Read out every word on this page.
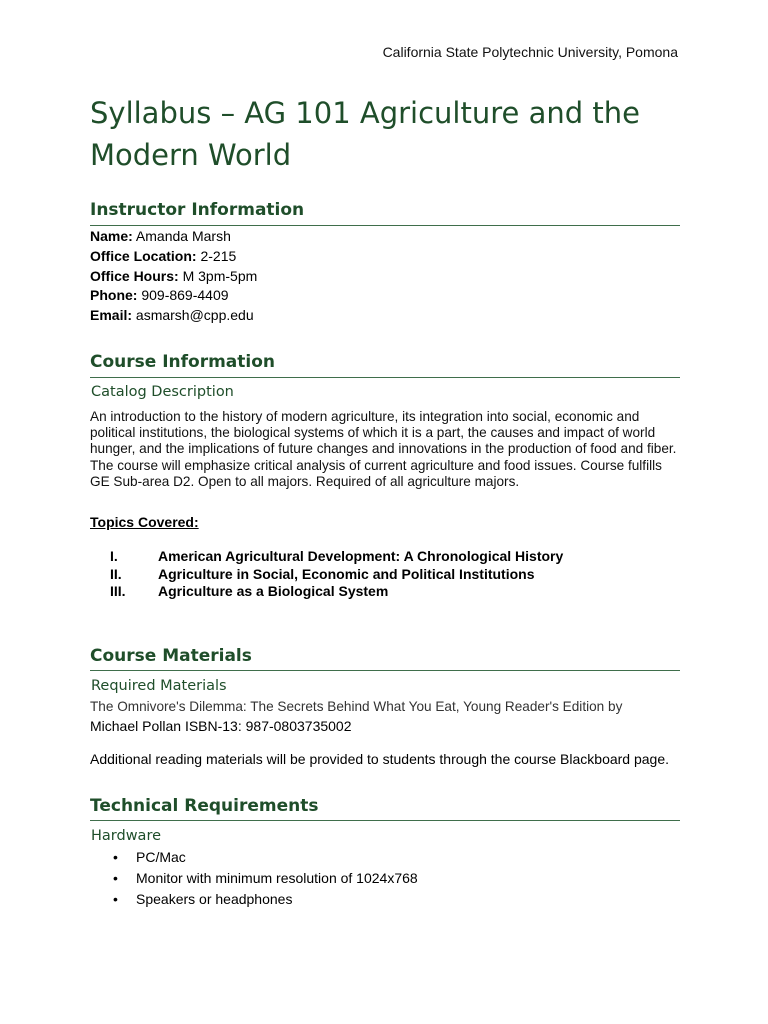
California State Polytechnic University, Pomona
Syllabus – AG 101 Agriculture and the
Modern World
Instructor Information
Name: Amanda Marsh
Office Location: 2-215
Office Hours: M 3pm-5pm
Phone: 909-869-4409
Email: asmarsh@cpp.edu
Course Information
Catalog Description
An introduction to the history of modern agriculture, its integration into social, economic and political institutions, the biological systems of which it is a part, the causes and impact of world hunger, and the implications of future changes and innovations in the production of food and fiber. The course will emphasize critical analysis of current agriculture and food issues. Course fulfills GE Sub-area D2. Open to all majors. Required of all agriculture majors.
Topics Covered:
I.	American Agricultural Development: A Chronological History
II.	Agriculture in Social, Economic and Political Institutions
III. Agriculture as a Biological System
Course Materials
Required Materials
The Omnivore's Dilemma: The Secrets Behind What You Eat, Young Reader's Edition by
Michael Pollan ISBN-13: 987-0803735002
Additional reading materials will be provided to students through the course Blackboard page.
Technical Requirements
Hardware
• PC/Mac
• Monitor with minimum resolution of 1024x768
• Speakers or headphones
